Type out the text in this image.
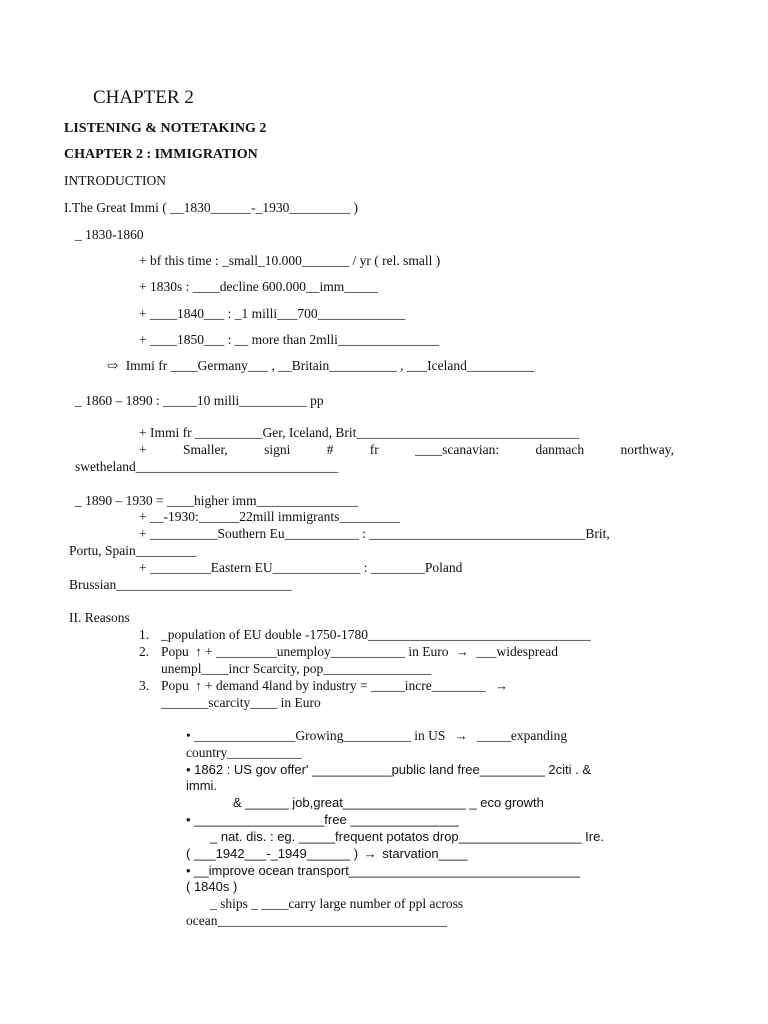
CHAPTER 2
LISTENING & NOTETAKING 2
CHAPTER 2 : IMMIGRATION
INTRODUCTION
I.The Great Immi ( __1830______-_1930_________ )
_ 1830-1860
+ bf this time : _small_10.000_______ / yr ( rel. small )
+ 1830s : ____decline 600.000__imm_____
+ ____1840___ : _1 milli___700_____________
+ ____1850___ : __ more than 2mlli_______________
⇨ Immi fr ____Germany___ , __Britain__________ , ___Iceland__________
_ 1860 – 1890 : _____10 milli__________ pp
+ Immi fr __________Ger, Iceland, Brit_________________________________
+ Smaller, signi # fr ____scanavian: danmach northway,
swetheland______________________________
_ 1890 – 1930 = ____higher imm_______________
+ __-1930:______22mill immigrants_________
+ __________Southern Eu___________ : ________________________________Brit,
Portu, Spain_________
+ _________Eastern EU_____________ : ________Poland
Brussian__________________________
II. Reasons
1. _population of EU double -1750-1780_________________________________
2. Popu ↑ + _________unemploy___________ in Euro → ___widespread
unempl____incr Scarcity, pop________________
3. Popu ↑ + demand 4land by industry = _____incre________ →
_______scarcity____ in Euro
• _______________Growing__________ in US → _____expanding
country___________
• 1862 : US gov offer' ___________public land free_________ 2citi . &
immi.
& ______ job,great_________________ _ eco growth
• __________________free _______________
_ nat. dis. : eg. _____frequent potatos drop_________________ Ire.
( ___1942___-_1949______ ) → starvation____
• __improve ocean transport________________________________
( 1840s )
_ ships _ ____carry large number of ppl across
ocean__________________________________
